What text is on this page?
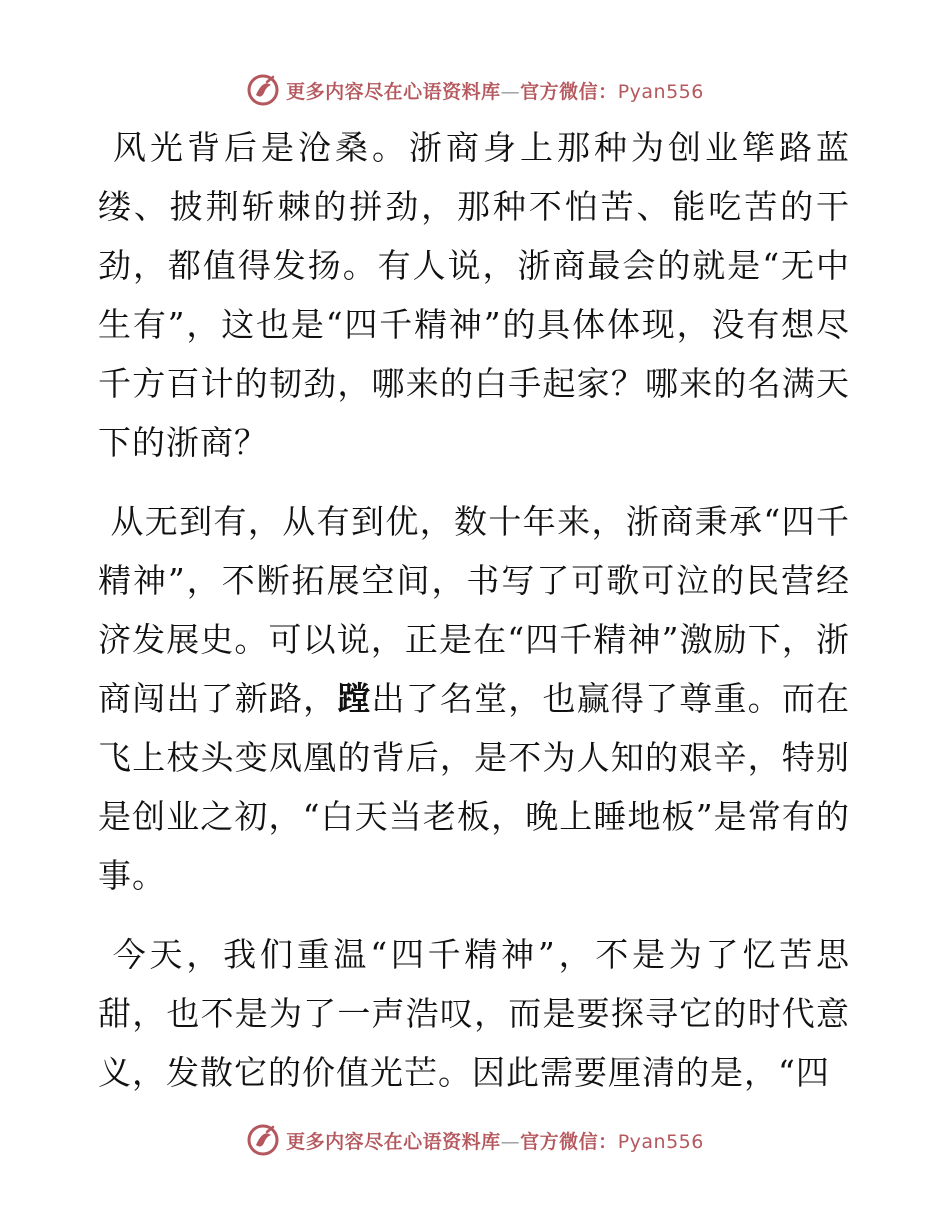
更多内容尽在心语资料库—官方微信：Pyan556

风光背后是沧桑。浙商身上那种为创业筚路蓝缕、披荆斩棘的拼劲，那种不怕苦、能吃苦的干劲，都值得发扬。有人说，浙商最会的就是“无中生有”，这也是“四千精神”的具体体现，没有想尽千方百计的韧劲，哪来的白手起家？哪来的名满天下的浙商？

从无到有，从有到优，数十年来，浙商秉承“四千精神”，不断拓展空间，书写了可歌可泣的民营经济发展史。可以说，正是在“四千精神”激励下，浙商闯出了新路，蹚出了名堂，也赢得了尊重。而在飞上枝头变凤凰的背后，是不为人知的艰辛，特别是创业之初，“白天当老板，晚上睡地板”是常有的事。

今天，我们重温“四千精神”，不是为了忆苦思甜，也不是为了一声浩叹，而是要探寻它的时代意义，发散它的价值光芒。因此需要厘清的是，“四

更多内容尽在心语资料库—官方微信：Pyan556
